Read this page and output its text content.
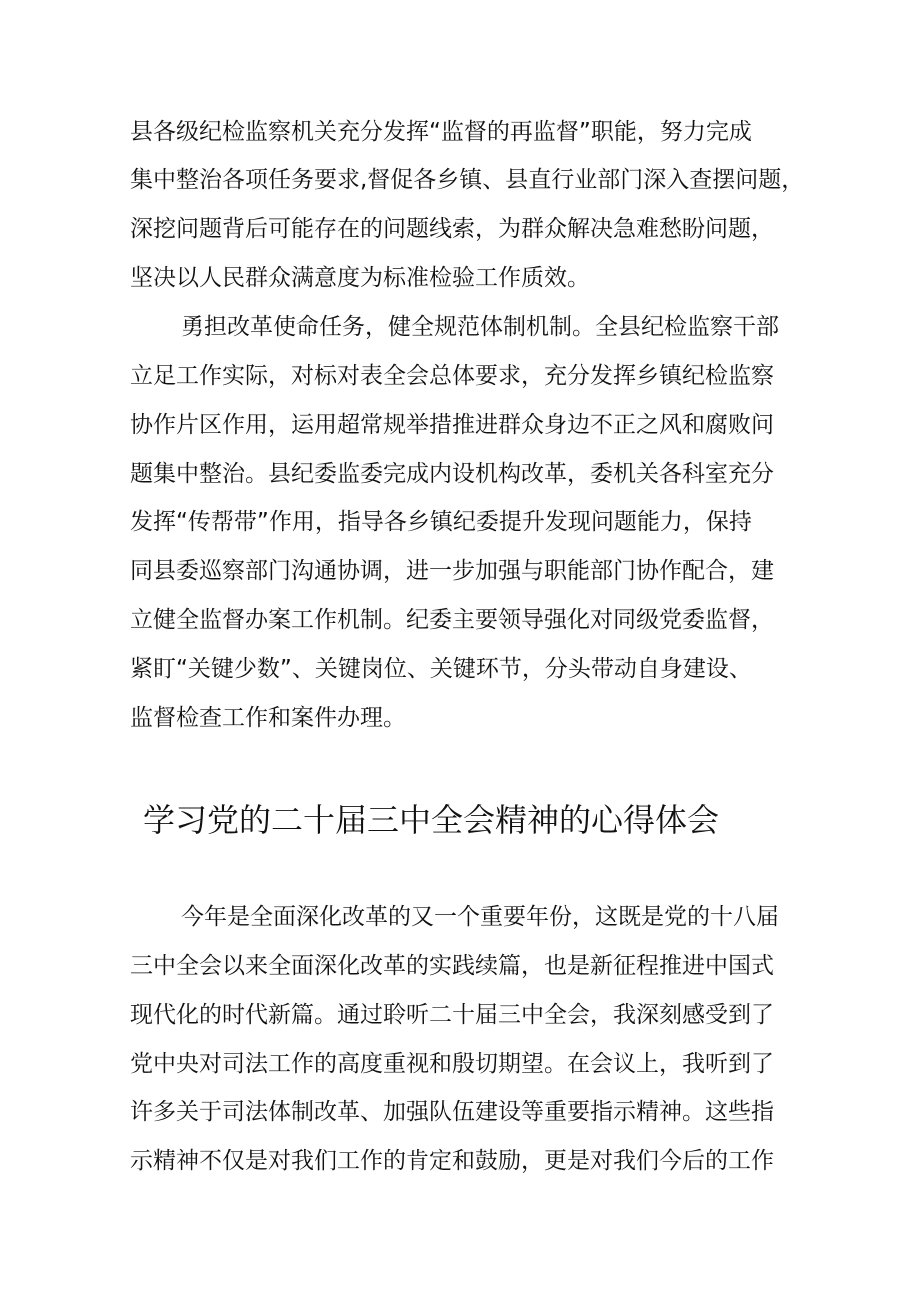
县各级纪检监察机关充分发挥“监督的再监督”职能，努力完成
集中整治各项任务要求,督促各乡镇、县直行业部门深入查摆问题，
深挖问题背后可能存在的问题线索，为群众解决急难愁盼问题，
坚决以人民群众满意度为标准检验工作质效。
勇担改革使命任务，健全规范体制机制。全县纪检监察干部
立足工作实际，对标对表全会总体要求，充分发挥乡镇纪检监察
协作片区作用，运用超常规举措推进群众身边不正之风和腐败问
题集中整治。县纪委监委完成内设机构改革，委机关各科室充分
发挥“传帮带”作用，指导各乡镇纪委提升发现问题能力，保持
同县委巡察部门沟通协调，进一步加强与职能部门协作配合，建
立健全监督办案工作机制。纪委主要领导强化对同级党委监督，
紧盯“关键少数”、关键岗位、关键环节，分头带动自身建设、
监督检查工作和案件办理。
学习党的二十届三中全会精神的心得体会
今年是全面深化改革的又一个重要年份，这既是党的十八届
三中全会以来全面深化改革的实践续篇，也是新征程推进中国式
现代化的时代新篇。通过聆听二十届三中全会，我深刻感受到了
党中央对司法工作的高度重视和殷切期望。在会议上，我听到了
许多关于司法体制改革、加强队伍建设等重要指示精神。这些指
示精神不仅是对我们工作的肯定和鼓励，更是对我们今后的工作
